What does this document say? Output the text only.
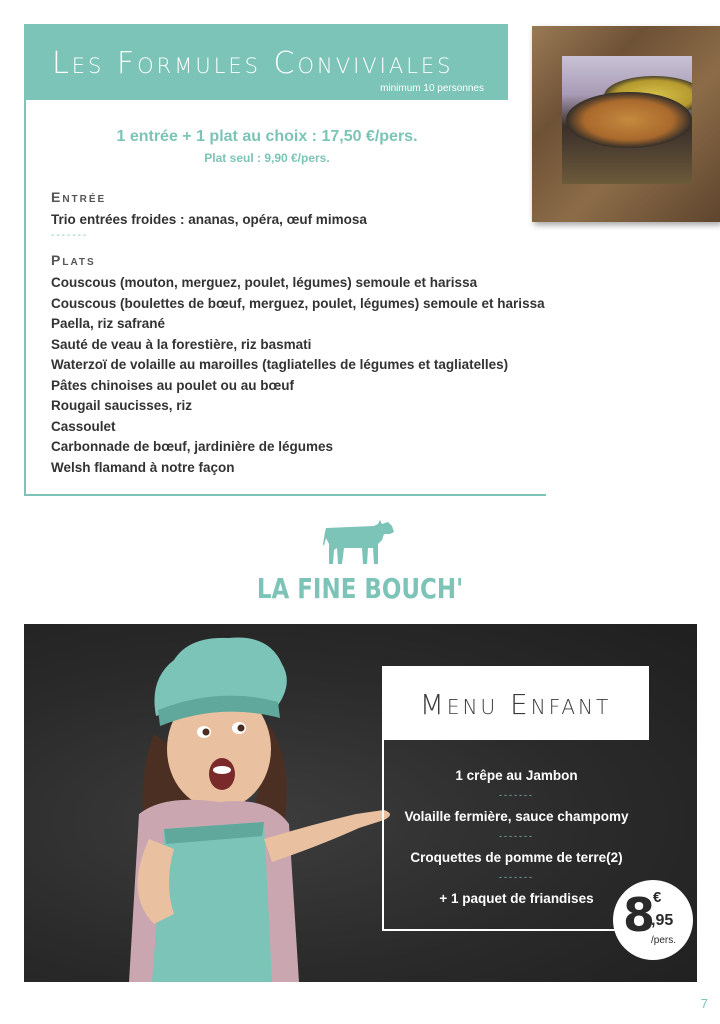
Les Formules Conviviales
minimum 10 personnes

1 entrée + 1 plat au choix : 17,50 €/pers.

Plat seul : 9,90 €/pers.

Entrée
Trio entrées froides : ananas, opéra, œuf mimosa
-------
Plats
Couscous (mouton, merguez, poulet, légumes) semoule et harissa
Couscous (boulettes de bœuf, merguez, poulet, légumes) semoule et harissa
Paella, riz safrané
Sauté de veau à la forestière, riz basmati
Waterzoï de volaille au maroilles (tagliatelles de légumes et tagliatelles)
Pâtes chinoises au poulet ou au bœuf
Rougail saucisses, riz
Cassoulet
Carbonnade de bœuf, jardinière de légumes
Welsh flamand à notre façon
LA FINE BOUCH'
Menu Enfant

1 crêpe au Jambon

-------

Volaille fermière, sauce champomy

-------

Croquettes de pomme de terre(2)

-------

+ 1 paquet de friandises 8
€
,95
/pers.
7
